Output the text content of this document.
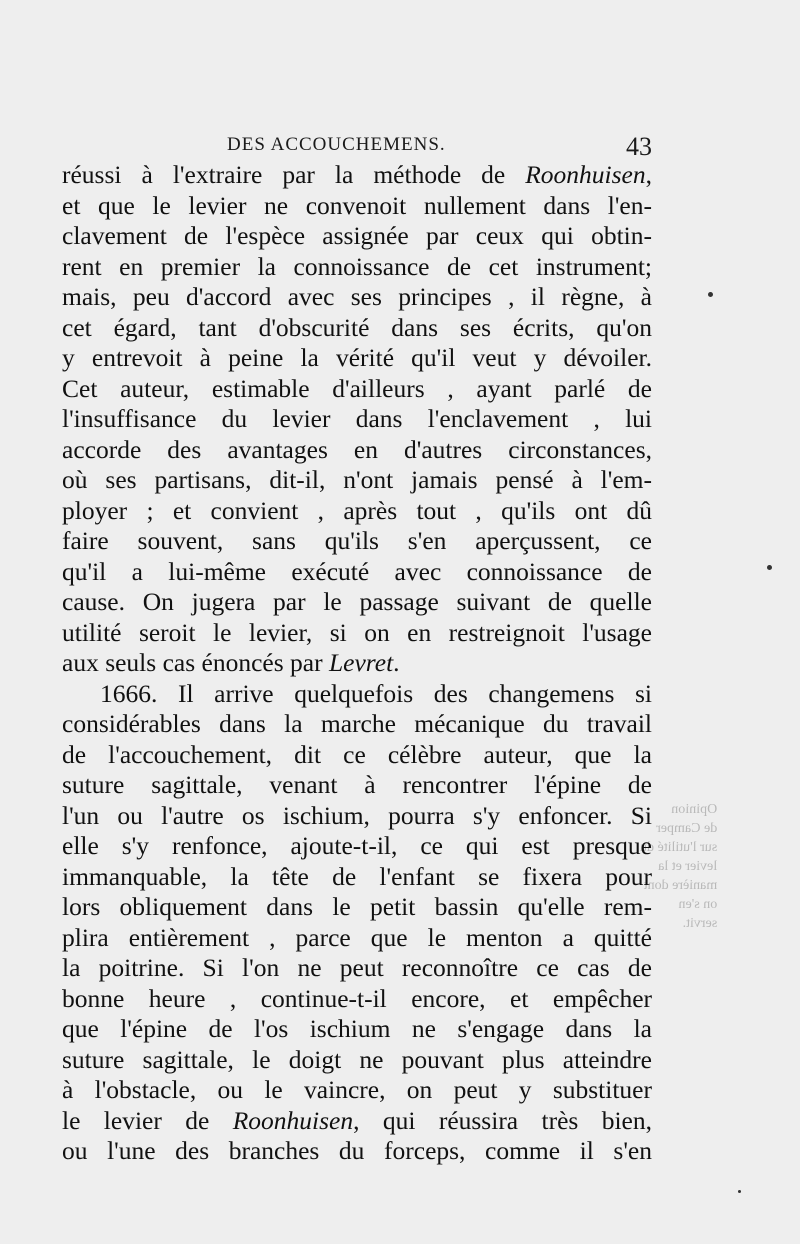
Opinion
de Camper
sur l'utilité du
levier et la
manière dont
on s'en
servit.
DES ACCOUCHEMENS.	43
réussi à l'extraire par la méthode de Roonhuisen,
et que le levier ne convenoit nullement dans l'en-
clavement de l'espèce assignée par ceux qui obtin-
rent en premier la connoissance de cet instrument;
mais, peu d'accord avec ses principes , il règne, à
cet égard, tant d'obscurité dans ses écrits, qu'on
y entrevoit à peine la vérité qu'il veut y dévoiler.
Cet auteur, estimable d'ailleurs , ayant parlé de
l'insuffisance du levier dans l'enclavement , lui
accorde des avantages en d'autres circonstances,
où ses partisans, dit-il, n'ont jamais pensé à l'em-
ployer ; et convient , après tout , qu'ils ont dû
faire souvent, sans qu'ils s'en aperçussent, ce
qu'il a lui-même exécuté avec connoissance de
cause. On jugera par le passage suivant de quelle
utilité seroit le levier, si on en restreignoit l'usage
aux seuls cas énoncés par Levret.
1666. Il arrive quelquefois des changemens si
considérables dans la marche mécanique du travail
de l'accouchement, dit ce célèbre auteur, que la
suture sagittale, venant à rencontrer l'épine de
l'un ou l'autre os ischium, pourra s'y enfoncer. Si
elle s'y renfonce, ajoute-t-il, ce qui est presque
immanquable, la tête de l'enfant se fixera pour
lors obliquement dans le petit bassin qu'elle rem-
plira entièrement , parce que le menton a quitté
la poitrine. Si l'on ne peut reconnoître ce cas de
bonne heure , continue-t-il encore, et empêcher
que l'épine de l'os ischium ne s'engage dans la
suture sagittale, le doigt ne pouvant plus atteindre
à l'obstacle, ou le vaincre, on peut y substituer
le levier de Roonhuisen, qui réussira très bien,
ou l'une des branches du forceps, comme il s'en
